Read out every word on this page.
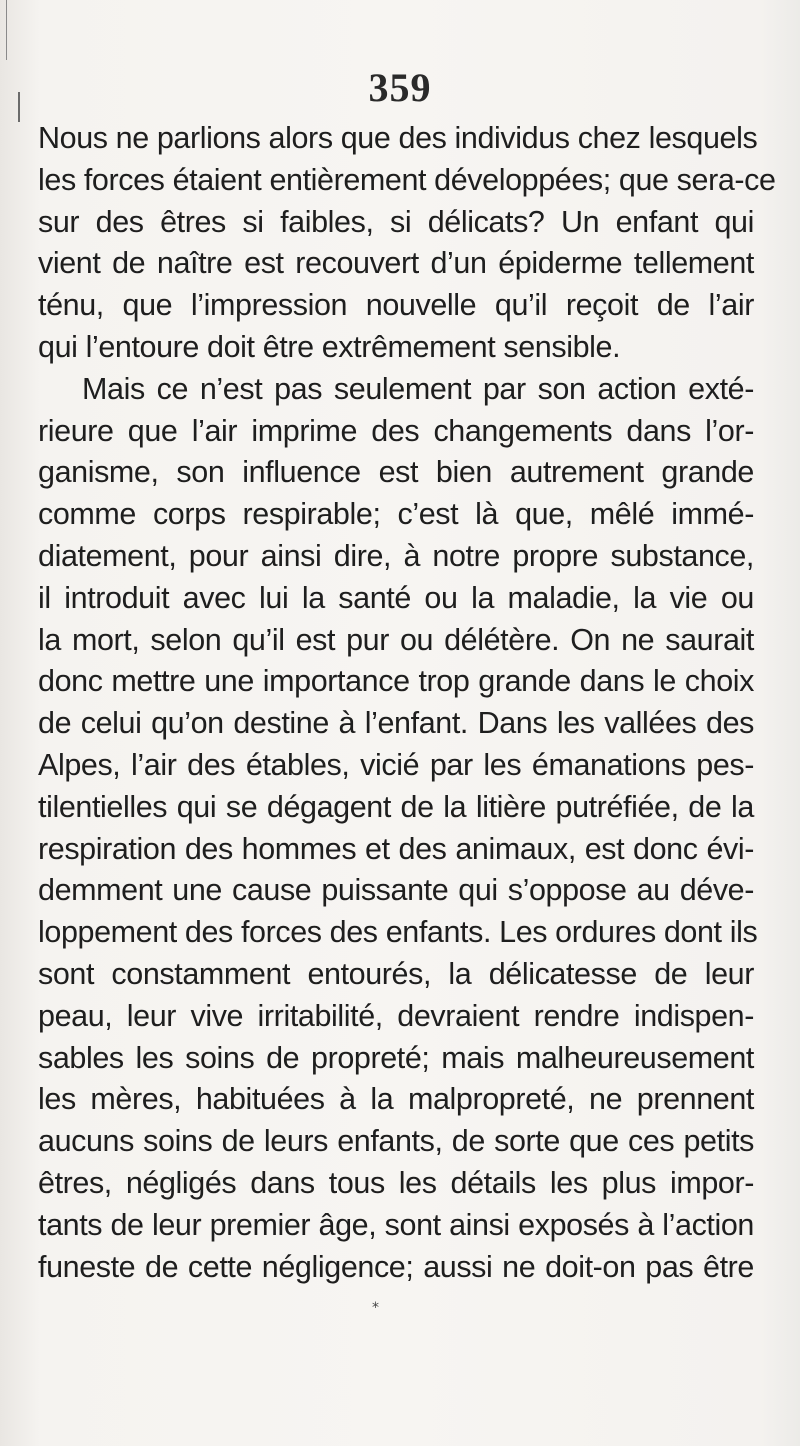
359
Nous ne parlions alors que des individus chez lesquels
les forces étaient entièrement développées; que sera-ce
sur des êtres si faibles, si délicats? Un enfant qui
vient de naître est recouvert d’un épiderme tellement
ténu, que l’impression nouvelle qu’il reçoit de l’air
qui l’entoure doit être extrêmement sensible.
Mais ce n’est pas seulement par son action exté-
rieure que l’air imprime des changements dans l’or-
ganisme, son influence est bien autrement grande
comme corps respirable; c’est là que, mêlé immé-
diatement, pour ainsi dire, à notre propre substance,
il introduit avec lui la santé ou la maladie, la vie ou
la mort, selon qu’il est pur ou délétère. On ne saurait
donc mettre une importance trop grande dans le choix
de celui qu’on destine à l’enfant. Dans les vallées des
Alpes, l’air des étables, vicié par les émanations pes-
tilentielles qui se dégagent de la litière putréfiée, de la
respiration des hommes et des animaux, est donc évi-
demment une cause puissante qui s’oppose au déve-
loppement des forces des enfants. Les ordures dont ils
sont constamment entourés, la délicatesse de leur
peau, leur vive irritabilité, devraient rendre indispen-
sables les soins de propreté; mais malheureusement
les mères, habituées à la malpropreté, ne prennent
aucuns soins de leurs enfants, de sorte que ces petits
êtres, négligés dans tous les détails les plus impor-
tants de leur premier âge, sont ainsi exposés à l’action
funeste de cette négligence; aussi ne doit-on pas être
*
